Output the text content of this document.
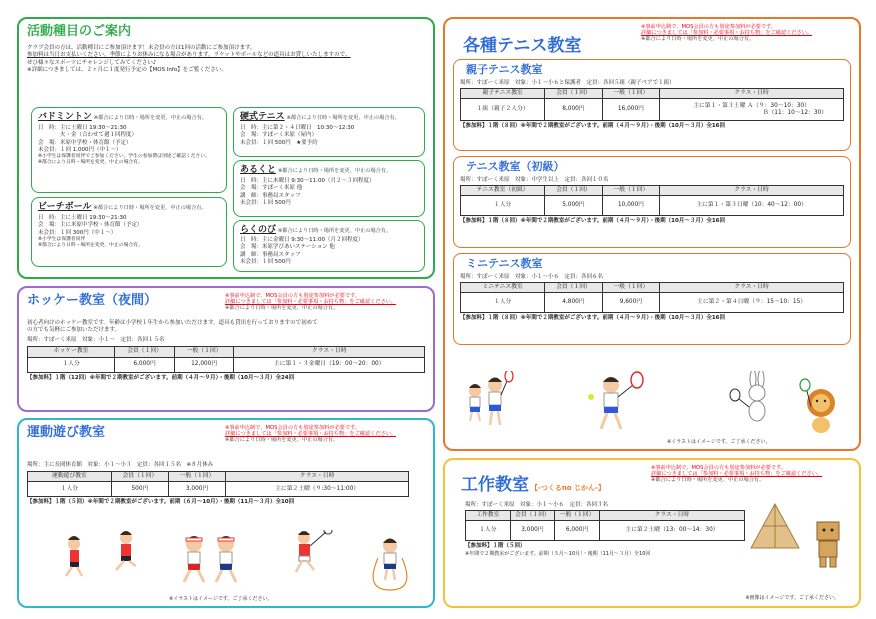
活動種目のご案内
クラブ会員の方は、活動種目にご参加頂けます！未会員の方は1回の活動にご参加頂けます。
参加料は当日お支払いください。季節によりお休みになる場合があります。ラケットやボールなどの道具はお貸しいたしますので、
ぜひ様々なスポーツにチャレンジしてみてください♪
※詳細につきましては、２ヶ月に１度発行予定の【MOS Info】をご覧ください。
バドミントン ※都合により日時・場所を変更、中止の場合有。
日　時：主に土曜日 19:30～21:30
　　　　火・金（合わせて週１回程度）
会　場：米原中学校・体育館（予定）
未会員：１回 1,000円（中１～）
※小学生は保護者同伴でご参加ください。学生の参加費は別途ご確認ください。
※都合により日時・場所を変更、中止の場合有。
ビーチボール ※都合により日時・場所を変更、中止の場合有。
日　時：主に土曜日 19:30～21:30
会　場：主に米原中学校・体育館（予定）
未会員：１回 300円（中１～）
※小学生は保護者同伴
※都合により日時・場所を変更、中止の場合有。
硬式テニス ※都合により日時・場所を変更、中止の場合有。
日　時：主に第２・４日曜日　10:30～12:30
会　場：すぽーく米原（屋内）
未会員：１回 500円　★要予約
あるくと ※都合により日時・場所を変更、中止の場合有。
日　時：主に木曜日 9:30～11:00（月２～３回程度）
会　場：すぽーく米原 他
講　師：事務局スタッフ
未会員：１回 500円
らくのび ※都合により日時・場所を変更、中止の場合有。
日　時：主に金曜日 9:30～11:00（月２回程度）
会　場：米原学びあいステーション 他
講　師：事務局スタッフ
未会員：１回 500円
ホッケー教室（夜間）	※事前申込制で、MOS会員の方も別途参加料が必要です。
詳細につきましては「参加料・必要事項・お持ち物」をご確認ください。
※都合により日時・場所を変更、中止の場合有。
初心者向けのホッケー教室です。年齢は小学校１年生から参加いただけます。道具も貸出を行っておりますので初めて
の方でも気軽にご参加いただけます。
場所：すぽーく米原　対象：小１～　定員：各回１５名
ホッケー教室	会員（１回）	一般（１回）	クラス・日時
１人分	6,000円	12,000円	主に第１・３金曜日（19：00～20：00）
【参加料】１階（12回）※年間で２期教室がございます。前期（４月～９月）・後期（10月～３月）全24回
運動遊び教室	※事前申込制で、MOS会員の方も別途参加料が必要です。
詳細につきましては「参加料・必要事項・お持ち物」をご確認ください。
※都合により日時・場所を変更、中止の場合有。
場所：主に長岡体育館　対象：小１～小３　定員：各回１５名　※８月休み
運動遊び教室	会員（１回）	一般（１回）	クラス・日時
１人分	500円	3,000円	主に第２土曜（９:30～11:00）
【参加料】１階（５回）※年間で２期教室がございます。前期（６月～10月）・後期（11月～３月）全10回
※イラストはイメージです。ご了承ください。
各種テニス教室
※事前申込制で、MOS会員の方も別途参加料が必要です。
詳細につきましては「参加料・必要事項・お持ち物」をご確認ください。
※都合により日時・場所を変更、中止の場合有。
親子テニス教室
場所：すぽーく米原　対象：小１～小６と保護者　定員：各回５組（親子ペアで１組）
親子テニス教室	会員（１回）	一般（１回）	クラス・日時
１組（親子２人分）	8,000円	16,000円	主に第１・第３土曜 Ａ（９：30～10：30）
Ｂ（11：10～12：30）
【参加料】１階（８回）※年間で２期教室がございます。前期（４月～９月）・後期（10月～３月）全16回
テニス教室（初級）
場所：すぽーく米原　対象：中学生以上　定員：各回１０名
テニス教室（初級）	会員（１回）	一般（１回）	クラス・日時
１人分	5,000円	10,000円	主に第１・第３日曜（10：40～12：00）
【参加料】１階（８回）※年間で２期教室がございます。前期（４月～９月）・後期（10月～３月）全16回
ミニテニス教室
場所：すぽーく米原　対象：小１～小６　定員：各回６名
ミニテニス教室	会員（１回）	一般（１回）	クラス・日時
１人分	4,800円	9,600円	主に第２・第４日曜（９：15～10：15）
【参加料】１階（８回）※年間で２期教室がございます。前期（４月～９月）・後期（10月～３月）全16回
※イラストはイメージです。ご了承ください。
工作教室 【-つくるno じかん-】
※事前申込制で、MOS会員の方も別途参加料が必要です。
詳細につきましては「参加料・必要事項・お持ち物」をご確認ください。
※都合により日時・場所を変更、中止の場合有。
場所：すぽーく米原　対象：小１～小６　定員：各回３名
工作教室	会員（１回）	一般（１回）	クラス・日時
１人分	3,000円	6,000円	主に第２土曜（13：00～14：30）
【参加料】１階（５回）
※年間で２期教室がございます。前期（５月～10月）・後期（11月～３月）全10回
※画像はイメージです。ご了承ください。
